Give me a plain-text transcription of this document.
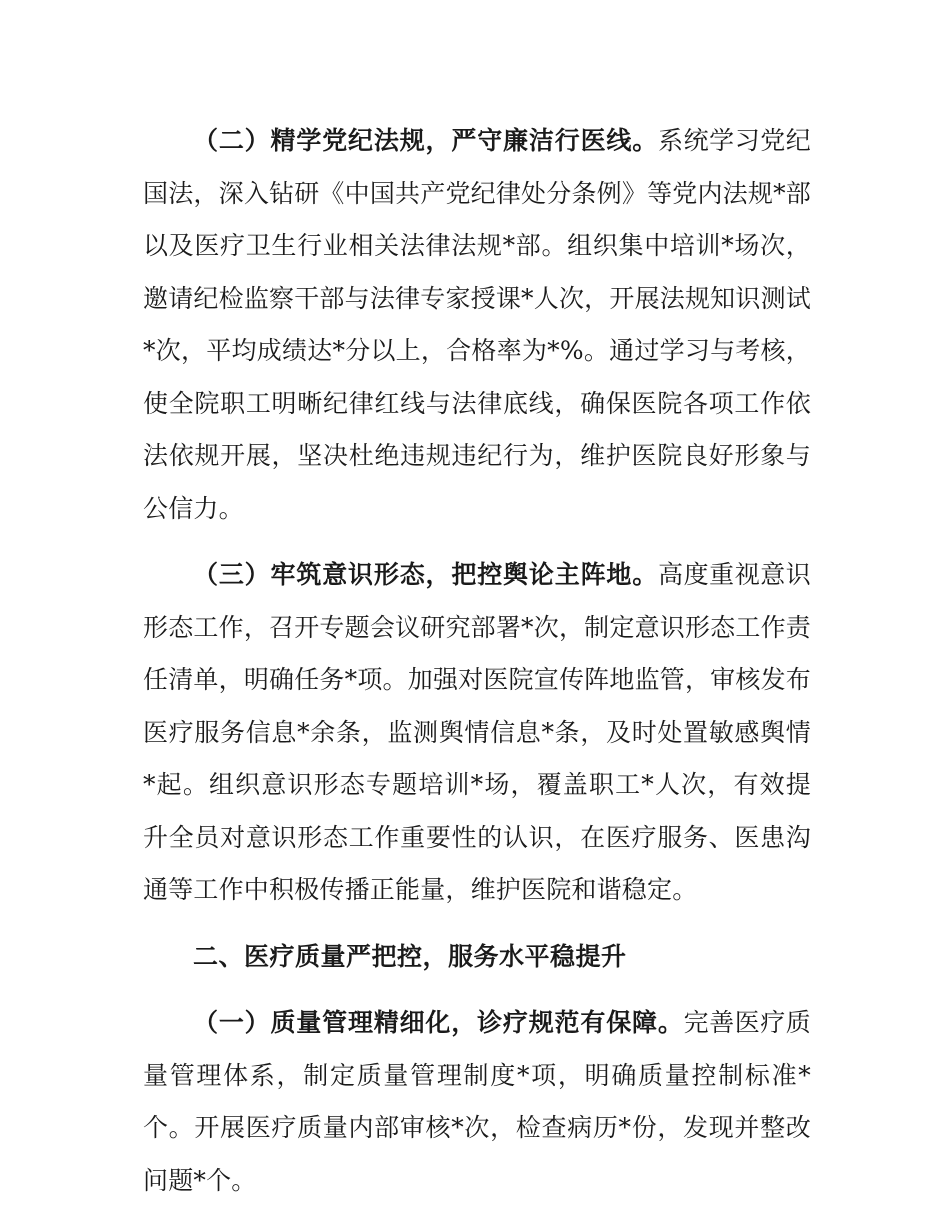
（二）精学党纪法规，严守廉洁行医线。系统学习党纪国法，深入钻研《中国共产党纪律处分条例》等党内法规*部以及医疗卫生行业相关法律法规*部。组织集中培训*场次，邀请纪检监察干部与法律专家授课*人次，开展法规知识测试*次，平均成绩达*分以上，合格率为*%。通过学习与考核，使全院职工明晰纪律红线与法律底线，确保医院各项工作依法依规开展，坚决杜绝违规违纪行为，维护医院良好形象与公信力。

（三）牢筑意识形态，把控舆论主阵地。高度重视意识形态工作，召开专题会议研究部署*次，制定意识形态工作责任清单，明确任务*项。加强对医院宣传阵地监管，审核发布医疗服务信息*余条，监测舆情信息*条，及时处置敏感舆情*起。组织意识形态专题培训*场，覆盖职工*人次，有效提升全员对意识形态工作重要性的认识，在医疗服务、医患沟通等工作中积极传播正能量，维护医院和谐稳定。

二、医疗质量严把控，服务水平稳提升

（一）质量管理精细化，诊疗规范有保障。完善医疗质量管理体系，制定质量管理制度*项，明确质量控制标准*个。开展医疗质量内部审核*次，检查病历*份，发现并整改问题*个。
